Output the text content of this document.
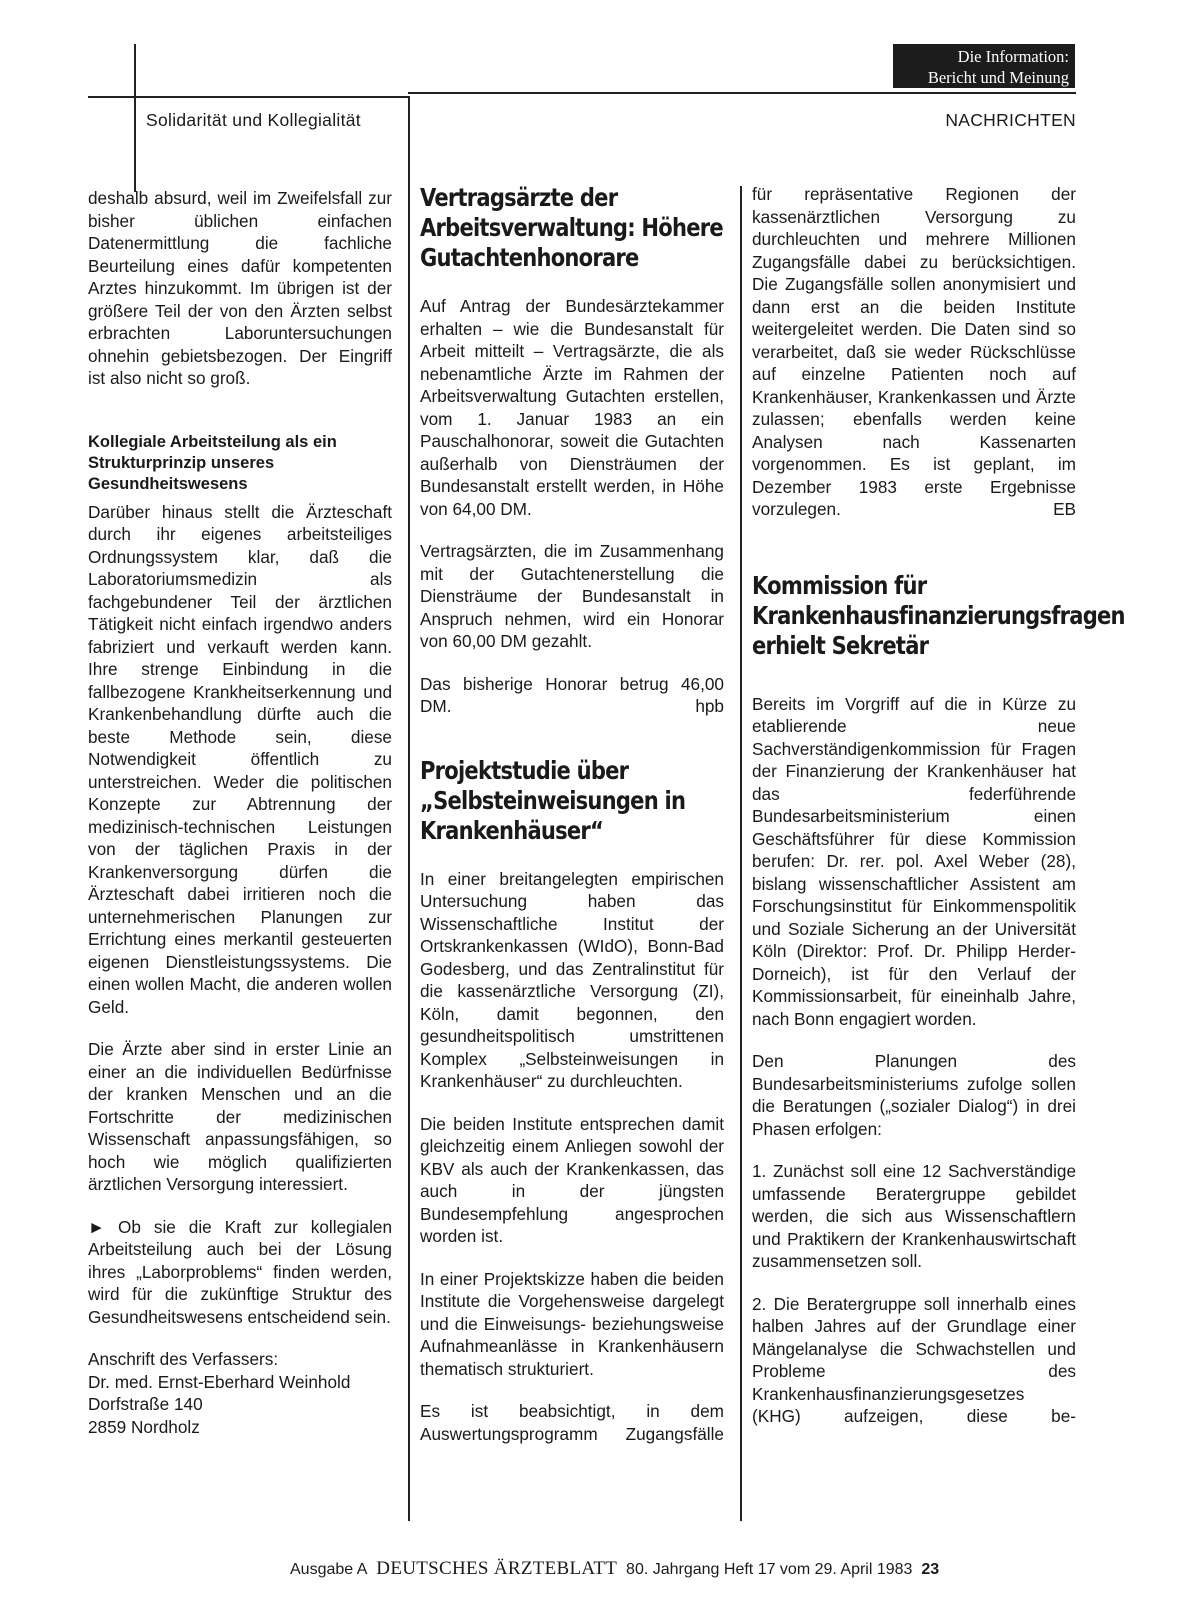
Die Information:
Bericht und Meinung
Solidarität und Kollegialität	NACHRICHTEN

deshalb absurd, weil im Zweifelsfall zur bisher üblichen einfachen Datenermittlung die fachliche Beurteilung eines dafür kompetenten Arztes hinzukommt. Im übrigen ist der größere Teil der von den Ärzten selbst erbrachten Laboruntersuchungen ohnehin gebietsbezogen. Der Eingriff ist also nicht so groß.

Kollegiale Arbeitsteilung als ein Strukturprinzip unseres Gesundheitswesens

Darüber hinaus stellt die Ärzteschaft durch ihr eigenes arbeitsteiliges Ordnungssystem klar, daß die Laboratoriumsmedizin als fachgebundener Teil der ärztlichen Tätigkeit nicht einfach irgendwo anders fabriziert und verkauft werden kann. Ihre strenge Einbindung in die fallbezogene Krankheitserkennung und Krankenbehandlung dürfte auch die beste Methode sein, diese Notwendigkeit öffentlich zu unterstreichen. Weder die politischen Konzepte zur Abtrennung der medizinisch-technischen Leistungen von der täglichen Praxis in der Krankenversorgung dürfen die Ärzteschaft dabei irritieren noch die unternehmerischen Planungen zur Errichtung eines merkantil gesteuerten eigenen Dienstleistungssystems. Die einen wollen Macht, die anderen wollen Geld.

Die Ärzte aber sind in erster Linie an einer an die individuellen Bedürfnisse der kranken Menschen und an die Fortschritte der medizinischen Wissenschaft anpassungsfähigen, so hoch wie möglich qualifizierten ärztlichen Versorgung interessiert.

► Ob sie die Kraft zur kollegialen Arbeitsteilung auch bei der Lösung ihres „Laborproblems“ finden werden, wird für die zukünftige Struktur des Gesundheitswesens entscheidend sein.

Anschrift des Verfassers:
Dr. med. Ernst-Eberhard Weinhold
Dorfstraße 140
2859 Nordholz
Vertragsärzte der Arbeitsverwaltung: Höhere Gutachtenhonorare

Auf Antrag der Bundesärztekammer erhalten – wie die Bundesanstalt für Arbeit mitteilt – Vertragsärzte, die als nebenamtliche Ärzte im Rahmen der Arbeitsverwaltung Gutachten erstellen, vom 1. Januar 1983 an ein Pauschalhonorar, soweit die Gutachten außerhalb von Diensträumen der Bundesanstalt erstellt werden, in Höhe von 64,00 DM.

Vertragsärzten, die im Zusammenhang mit der Gutachtenerstellung die Diensträume der Bundesanstalt in Anspruch nehmen, wird ein Honorar von 60,00 DM gezahlt.

Das bisherige Honorar betrug 46,00 DM.	hpb

Projektstudie über „Selbsteinweisungen in Krankenhäuser“

In einer breitangelegten empirischen Untersuchung haben das Wissenschaftliche Institut der Ortskrankenkassen (WIdO), Bonn-Bad Godesberg, und das Zentralinstitut für die kassenärztliche Versorgung (ZI), Köln, damit begonnen, den gesundheitspolitisch umstrittenen Komplex „Selbsteinweisungen in Krankenhäuser“ zu durchleuchten.

Die beiden Institute entsprechen damit gleichzeitig einem Anliegen sowohl der KBV als auch der Krankenkassen, das auch in der jüngsten Bundesempfehlung angesprochen worden ist.

In einer Projektskizze haben die beiden Institute die Vorgehensweise dargelegt und die Einweisungs- beziehungsweise Aufnahmeanlässe in Krankenhäusern thematisch strukturiert.

Es ist beabsichtigt, in dem Auswertungsprogramm Zugangsfälle

für repräsentative Regionen der kassenärztlichen Versorgung zu durchleuchten und mehrere Millionen Zugangsfälle dabei zu berücksichtigen. Die Zugangsfälle sollen anonymisiert und dann erst an die beiden Institute weitergeleitet werden. Die Daten sind so verarbeitet, daß sie weder Rückschlüsse auf einzelne Patienten noch auf Krankenhäuser, Krankenkassen und Ärzte zulassen; ebenfalls werden keine Analysen nach Kassenarten vorgenommen. Es ist geplant, im Dezember 1983 erste Ergebnisse vorzulegen.	EB

Kommission für Krankenhausfinanzierungsfragen erhielt Sekretär

Bereits im Vorgriff auf die in Kürze zu etablierende neue Sachverständigenkommission für Fragen der Finanzierung der Krankenhäuser hat das federführende Bundesarbeitsministerium einen Geschäftsführer für diese Kommission berufen: Dr. rer. pol. Axel Weber (28), bislang wissenschaftlicher Assistent am Forschungsinstitut für Einkommenspolitik und Soziale Sicherung an der Universität Köln (Direktor: Prof. Dr. Philipp Herder-Dorneich), ist für den Verlauf der Kommissionsarbeit, für eineinhalb Jahre, nach Bonn engagiert worden.

Den Planungen des Bundesarbeitsministeriums zufolge sollen die Beratungen („sozialer Dialog“) in drei Phasen erfolgen:

1. Zunächst soll eine 12 Sachverständige umfassende Beratergruppe gebildet werden, die sich aus Wissenschaftlern und Praktikern der Krankenhauswirtschaft zusammensetzen soll.

2. Die Beratergruppe soll innerhalb eines halben Jahres auf der Grundlage einer Mängelanalyse die Schwachstellen und Probleme des Krankenhausfinanzierungsgesetzes (KHG) aufzeigen, diese be-

Ausgabe A DEUTSCHES ÄRZTEBLATT 80. Jahrgang Heft 17 vom 29. April 1983 23
